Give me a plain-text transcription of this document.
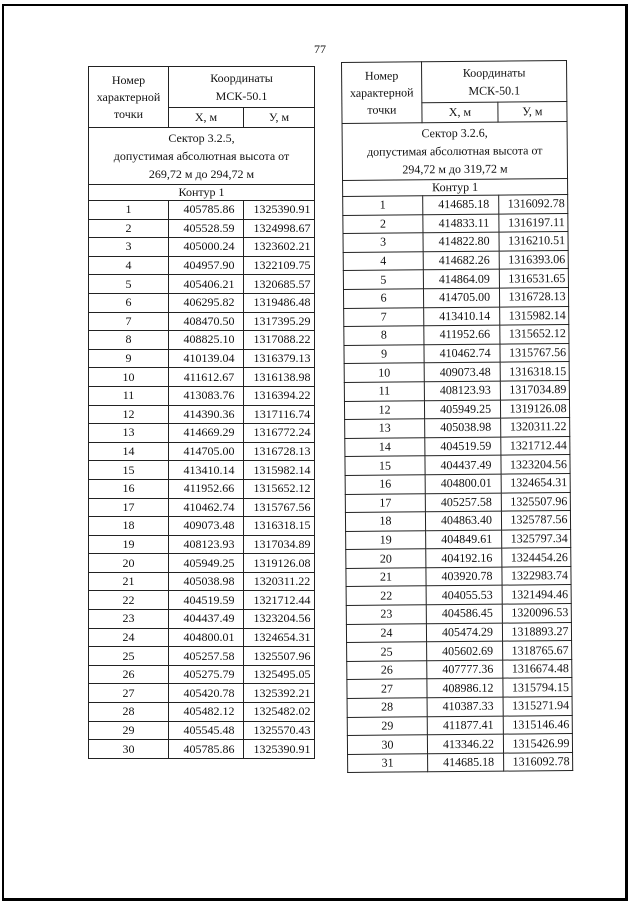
77
Номер характерной точки	Координаты
МСК-50.1	

	Х, м	У, м

Сектор 3.2.5,
допустимая абсолютная высота от
269,72 м до 294,72 м		

Контур 1		
1	405785.86	1325390.91
2	405528.59	1324998.67
3	405000.24	1323602.21
4	404957.90	1322109.75
5	405406.21	1320685.57
6	406295.82	1319486.48
7	408470.50	1317395.29
8	408825.10	1317088.22
9	410139.04	1316379.13
10	411612.67	1316138.98
11	413083.76	1316394.22
12	414390.36	1317116.74
13	414669.29	1316772.24
14	414705.00	1316728.13
15	413410.14	1315982.14
16	411952.66	1315652.12
17	410462.74	1315767.56
18	409073.48	1316318.15
19	408123.93	1317034.89
20	405949.25	1319126.08
21	405038.98	1320311.22
22	404519.59	1321712.44
23	404437.49	1323204.56
24	404800.01	1324654.31
25	405257.58	1325507.96
26	405275.79	1325495.05
27	405420.78	1325392.21
28	405482.12	1325482.02
29	405545.48	1325570.43
30	405785.86	1325390.91
Номер характерной точки	Координаты
МСК-50.1	

	Х, м	У, м

Сектор 3.2.6,
допустимая абсолютная высота от
294,72 м до 319,72 м		

Контур 1		
1	414685.18	1316092.78
2	414833.11	1316197.11
3	414822.80	1316210.51
4	414682.26	1316393.06
5	414864.09	1316531.65
6	414705.00	1316728.13
7	413410.14	1315982.14
8	411952.66	1315652.12
9	410462.74	1315767.56
10	409073.48	1316318.15
11	408123.93	1317034.89
12	405949.25	1319126.08
13	405038.98	1320311.22
14	404519.59	1321712.44
15	404437.49	1323204.56
16	404800.01	1324654.31
17	405257.58	1325507.96
18	404863.40	1325787.56
19	404849.61	1325797.34
20	404192.16	1324454.26
21	403920.78	1322983.74
22	404055.53	1321494.46
23	404586.45	1320096.53
24	405474.29	1318893.27
25	405602.69	1318765.67
26	407777.36	1316674.48
27	408986.12	1315794.15
28	410387.33	1315271.94
29	411877.41	1315146.46
30	413346.22	1315426.99
31	414685.18	1316092.78
